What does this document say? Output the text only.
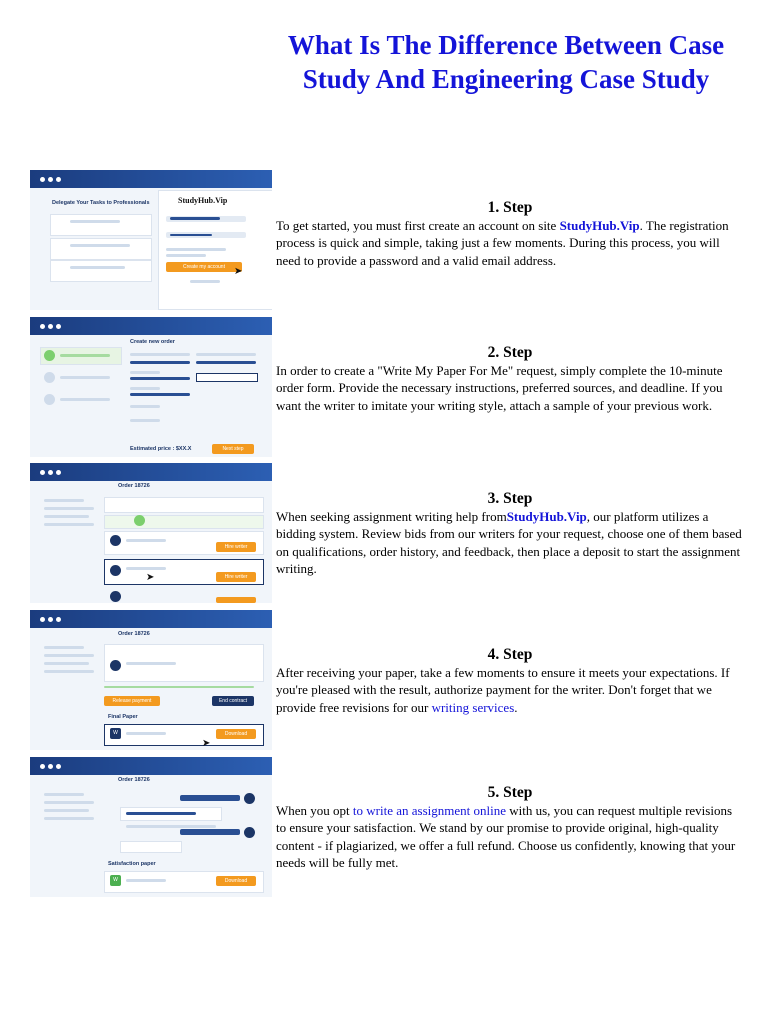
What Is The Difference Between Case Study And Engineering Case Study
Delegate Your Tasks to Professionals	StudyHub.Vip
Create my account ➤
Create new order
Estimated price : $XX.X	Next step
Order 18726
Hire writer
Hire writer
➤
Order 18726
Release payment	End contract
Final Paper
W	Download
➤
Order 18726
Satisfaction paper
W	Download
1. Step

To get started, you must first create an account on site StudyHub.Vip. The registration process is quick and simple, taking just a few moments. During this process, you will need to provide a password and a valid email address.

2. Step

In order to create a "Write My Paper For Me" request, simply complete the 10-minute order form. Provide the necessary instructions, preferred sources, and deadline. If you want the writer to imitate your writing style, attach a sample of your previous work.

3. Step

When seeking assignment writing help fromStudyHub.Vip, our platform utilizes a bidding system. Review bids from our writers for your request, choose one of them based on qualifications, order history, and feedback, then place a deposit to start the assignment writing.

4. Step

After receiving your paper, take a few moments to ensure it meets your expectations. If you're pleased with the result, authorize payment for the writer. Don't forget that we provide free revisions for our writing services.

5. Step

When you opt to write an assignment online with us, you can request multiple revisions to ensure your satisfaction. We stand by our promise to provide original, high-quality content - if plagiarized, we offer a full refund. Choose us confidently, knowing that your needs will be fully met.
